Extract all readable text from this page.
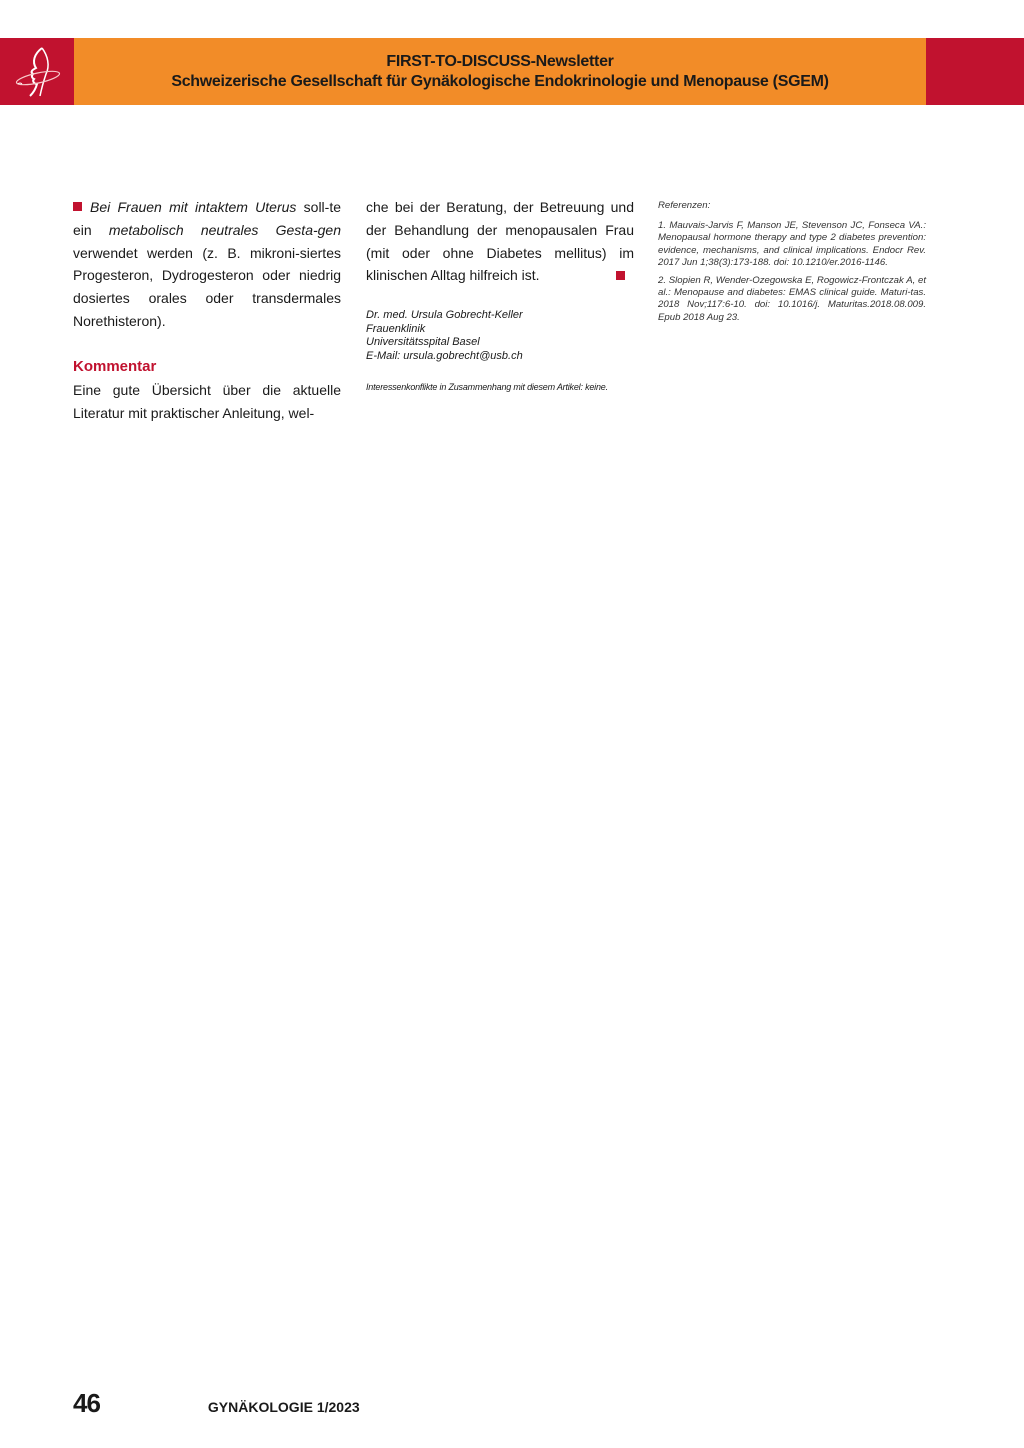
FIRST-TO-DISCUSS-Newsletter
Schweizerische Gesellschaft für Gynäkologische Endokrinologie und Menopause (SGEM)

Bei Frauen mit intaktem Uterus soll-te ein metabolisch neutrales Gesta-gen verwendet werden (z. B. mikroni-siertes Progesteron, Dydrogesteron oder niedrig dosiertes orales oder transdermales Norethisteron).

Kommentar

Eine gute Übersicht über die aktuelle Literatur mit praktischer Anleitung, wel-

che bei der Beratung, der Betreuung und der Behandlung der menopausalen Frau (mit oder ohne Diabetes mellitus) im klinischen Alltag hilfreich ist.

Dr. med. Ursula Gobrecht-Keller
Frauenklinik
Universitätsspital Basel
E-Mail: ursula.gobrecht@usb.ch
Interessenkonflikte in Zusammenhang mit diesem Artikel: keine.
Referenzen:
1. Mauvais-Jarvis F, Manson JE, Stevenson JC, Fonseca VA.: Menopausal hormone therapy and type 2 diabetes prevention: evidence, mechanisms, and clinical implications. Endocr Rev. 2017 Jun 1;38(3):173-188. doi: 10.1210/er.2016-1146.
2. Slopien R, Wender-Ozegowska E, Rogowicz-Frontczak A, et al.: Menopause and diabetes: EMAS clinical guide. Maturi-tas. 2018 Nov;117:6-10. doi: 10.1016/j. Maturitas.2018.08.009. Epub 2018 Aug 23.
46	GYNÄKOLOGIE 1/2023
